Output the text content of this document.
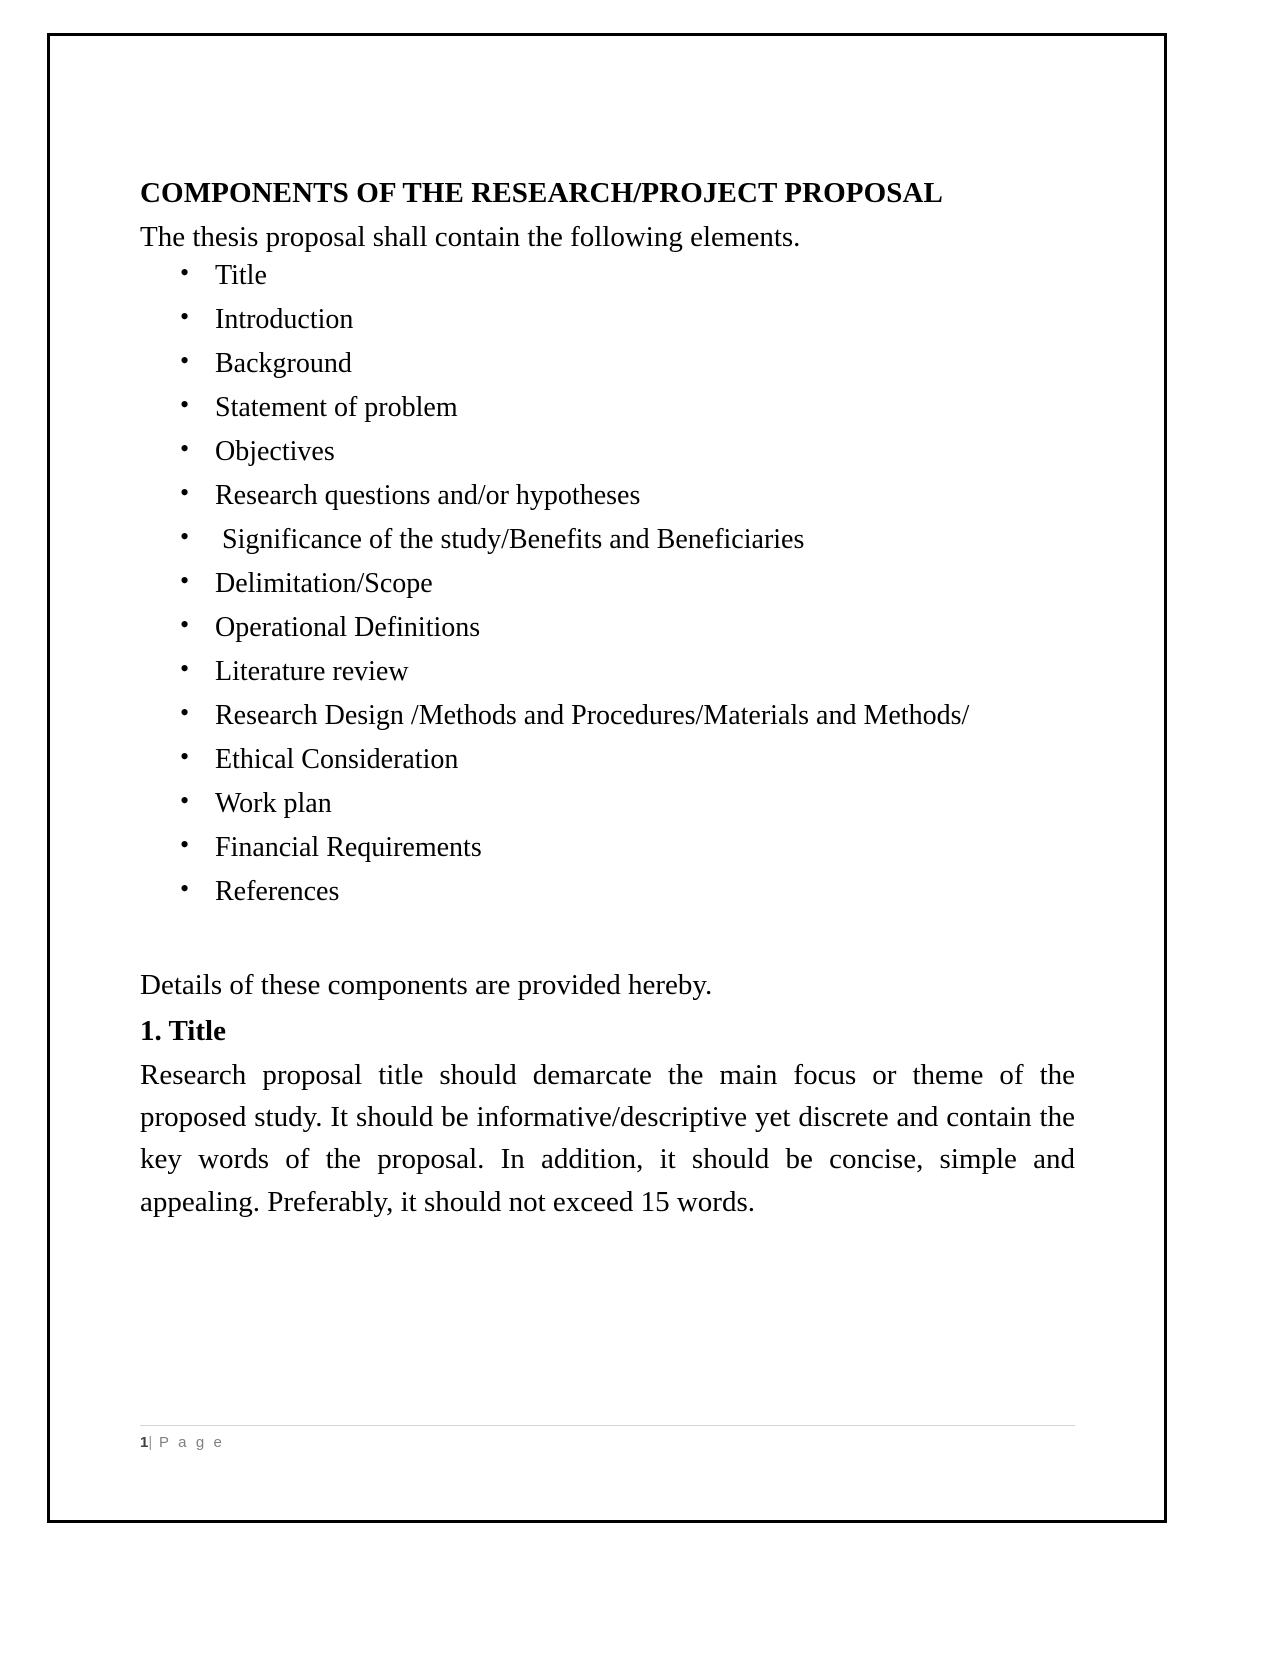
COMPONENTS OF THE RESEARCH/PROJECT PROPOSAL

The thesis proposal shall contain the following elements.

• Title
• Introduction
• Background
• Statement of problem
• Objectives
• Research questions and/or hypotheses
•  Significance of the study/Benefits and Beneficiaries
• Delimitation/Scope
• Operational Definitions
• Literature review
• Research Design /Methods and Procedures/Materials and Methods/
• Ethical Consideration
• Work plan
• Financial Requirements
• References

Details of these components are provided hereby.

1. Title

Research proposal title should demarcate the main focus or theme of the proposed study. It should be informative/descriptive yet discrete and contain the key words of the proposal. In addition, it should be concise, simple and appealing. Preferably, it should not exceed 15 words.

1| P a g e
